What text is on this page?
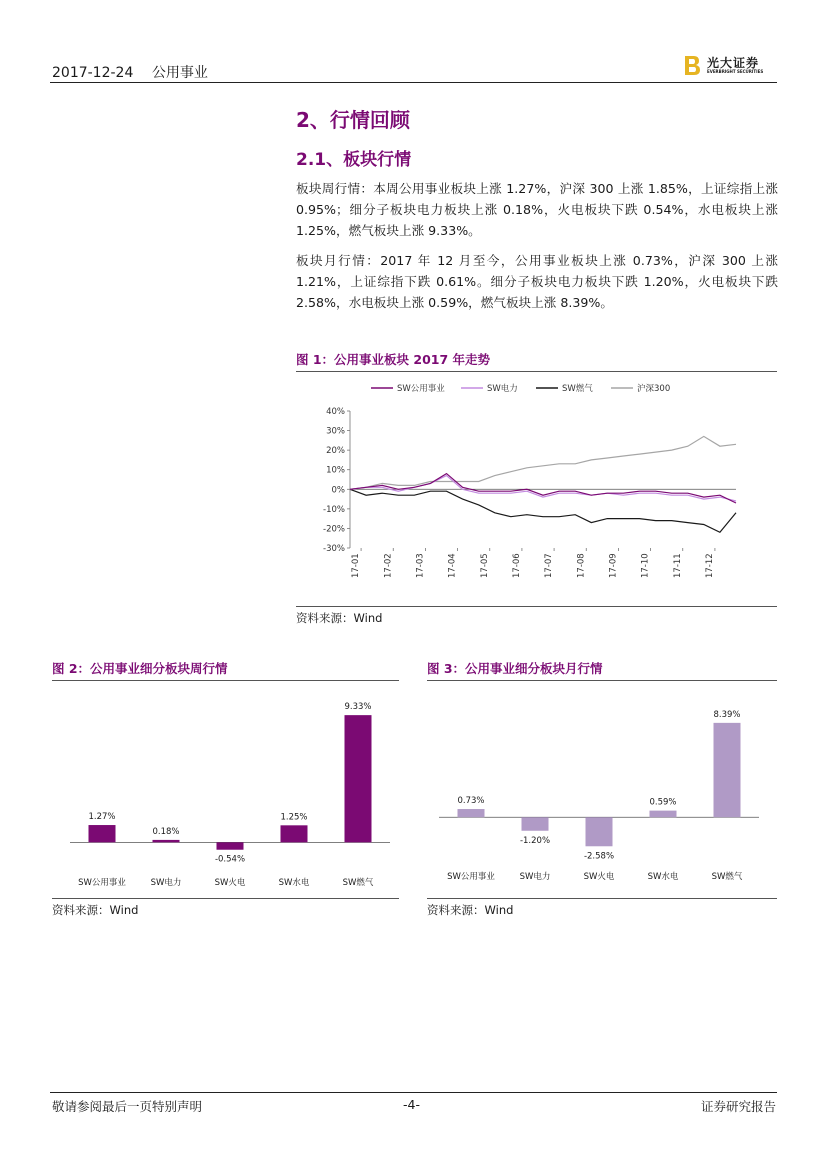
2017-12-24 公用事业
光大证券
EVERBRIGHT SECURITIES
2、行情回顾
2.1、板块行情

板块周行情：本周公用事业板块上涨 1.27%，沪深 300 上涨 1.85%，上证综指上涨 0.95%；细分子板块电力板块上涨 0.18%，火电板块下跌 0.54%，水电板块上涨 1.25%，燃气板块上涨 9.33%。

板块月行情：2017 年 12 月至今，公用事业板块上涨 0.73%，沪深 300 上涨 1.21%，上证综指下跌 0.61%。细分子板块电力板块下跌 1.20%，火电板块下跌 2.58%，水电板块上涨 0.59%，燃气板块上涨 8.39%。

图 1：公用事业板块 2017 年走势
SW公用事业	SW电力	SW燃气	沪深300
-30%
-20%
-10%
0%
10%
20%
30%
40%
17-01	17-02	17-03	17-04	17-05	17-06	17-07	17-08	17-09	17-10	17-11	17-12
资料来源：Wind
图 2：公用事业细分板块周行情
1.27%
SW公用事业
0.18%
SW电力
-0.54%
SW火电
1.25%
SW水电
9.33%
SW燃气
资料来源：Wind
图 3：公用事业细分板块月行情
0.73%
SW公用事业
-1.20%
SW电力
-2.58%
SW火电
0.59%
SW水电
8.39%
SW燃气
资料来源：Wind
敬请参阅最后一页特别声明	-4-	证券研究报告
